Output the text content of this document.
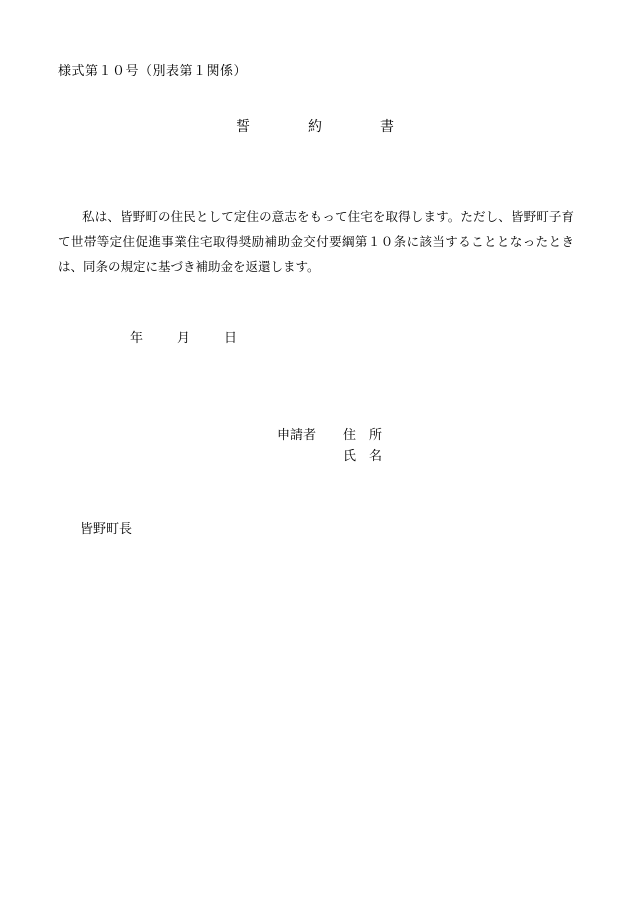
様式第１０号（別表第１関係）
誓	約	書
私は、皆野町の住民として定住の意志をもって住宅を取得します。ただし、皆野町子育て世帯等定住促進事業住宅取得奨励補助金交付要綱第１０条に該当することとなったときは、同条の規定に基づき補助金を返還します。
年	月	日
申請者 住　所
氏　名
皆野町長
